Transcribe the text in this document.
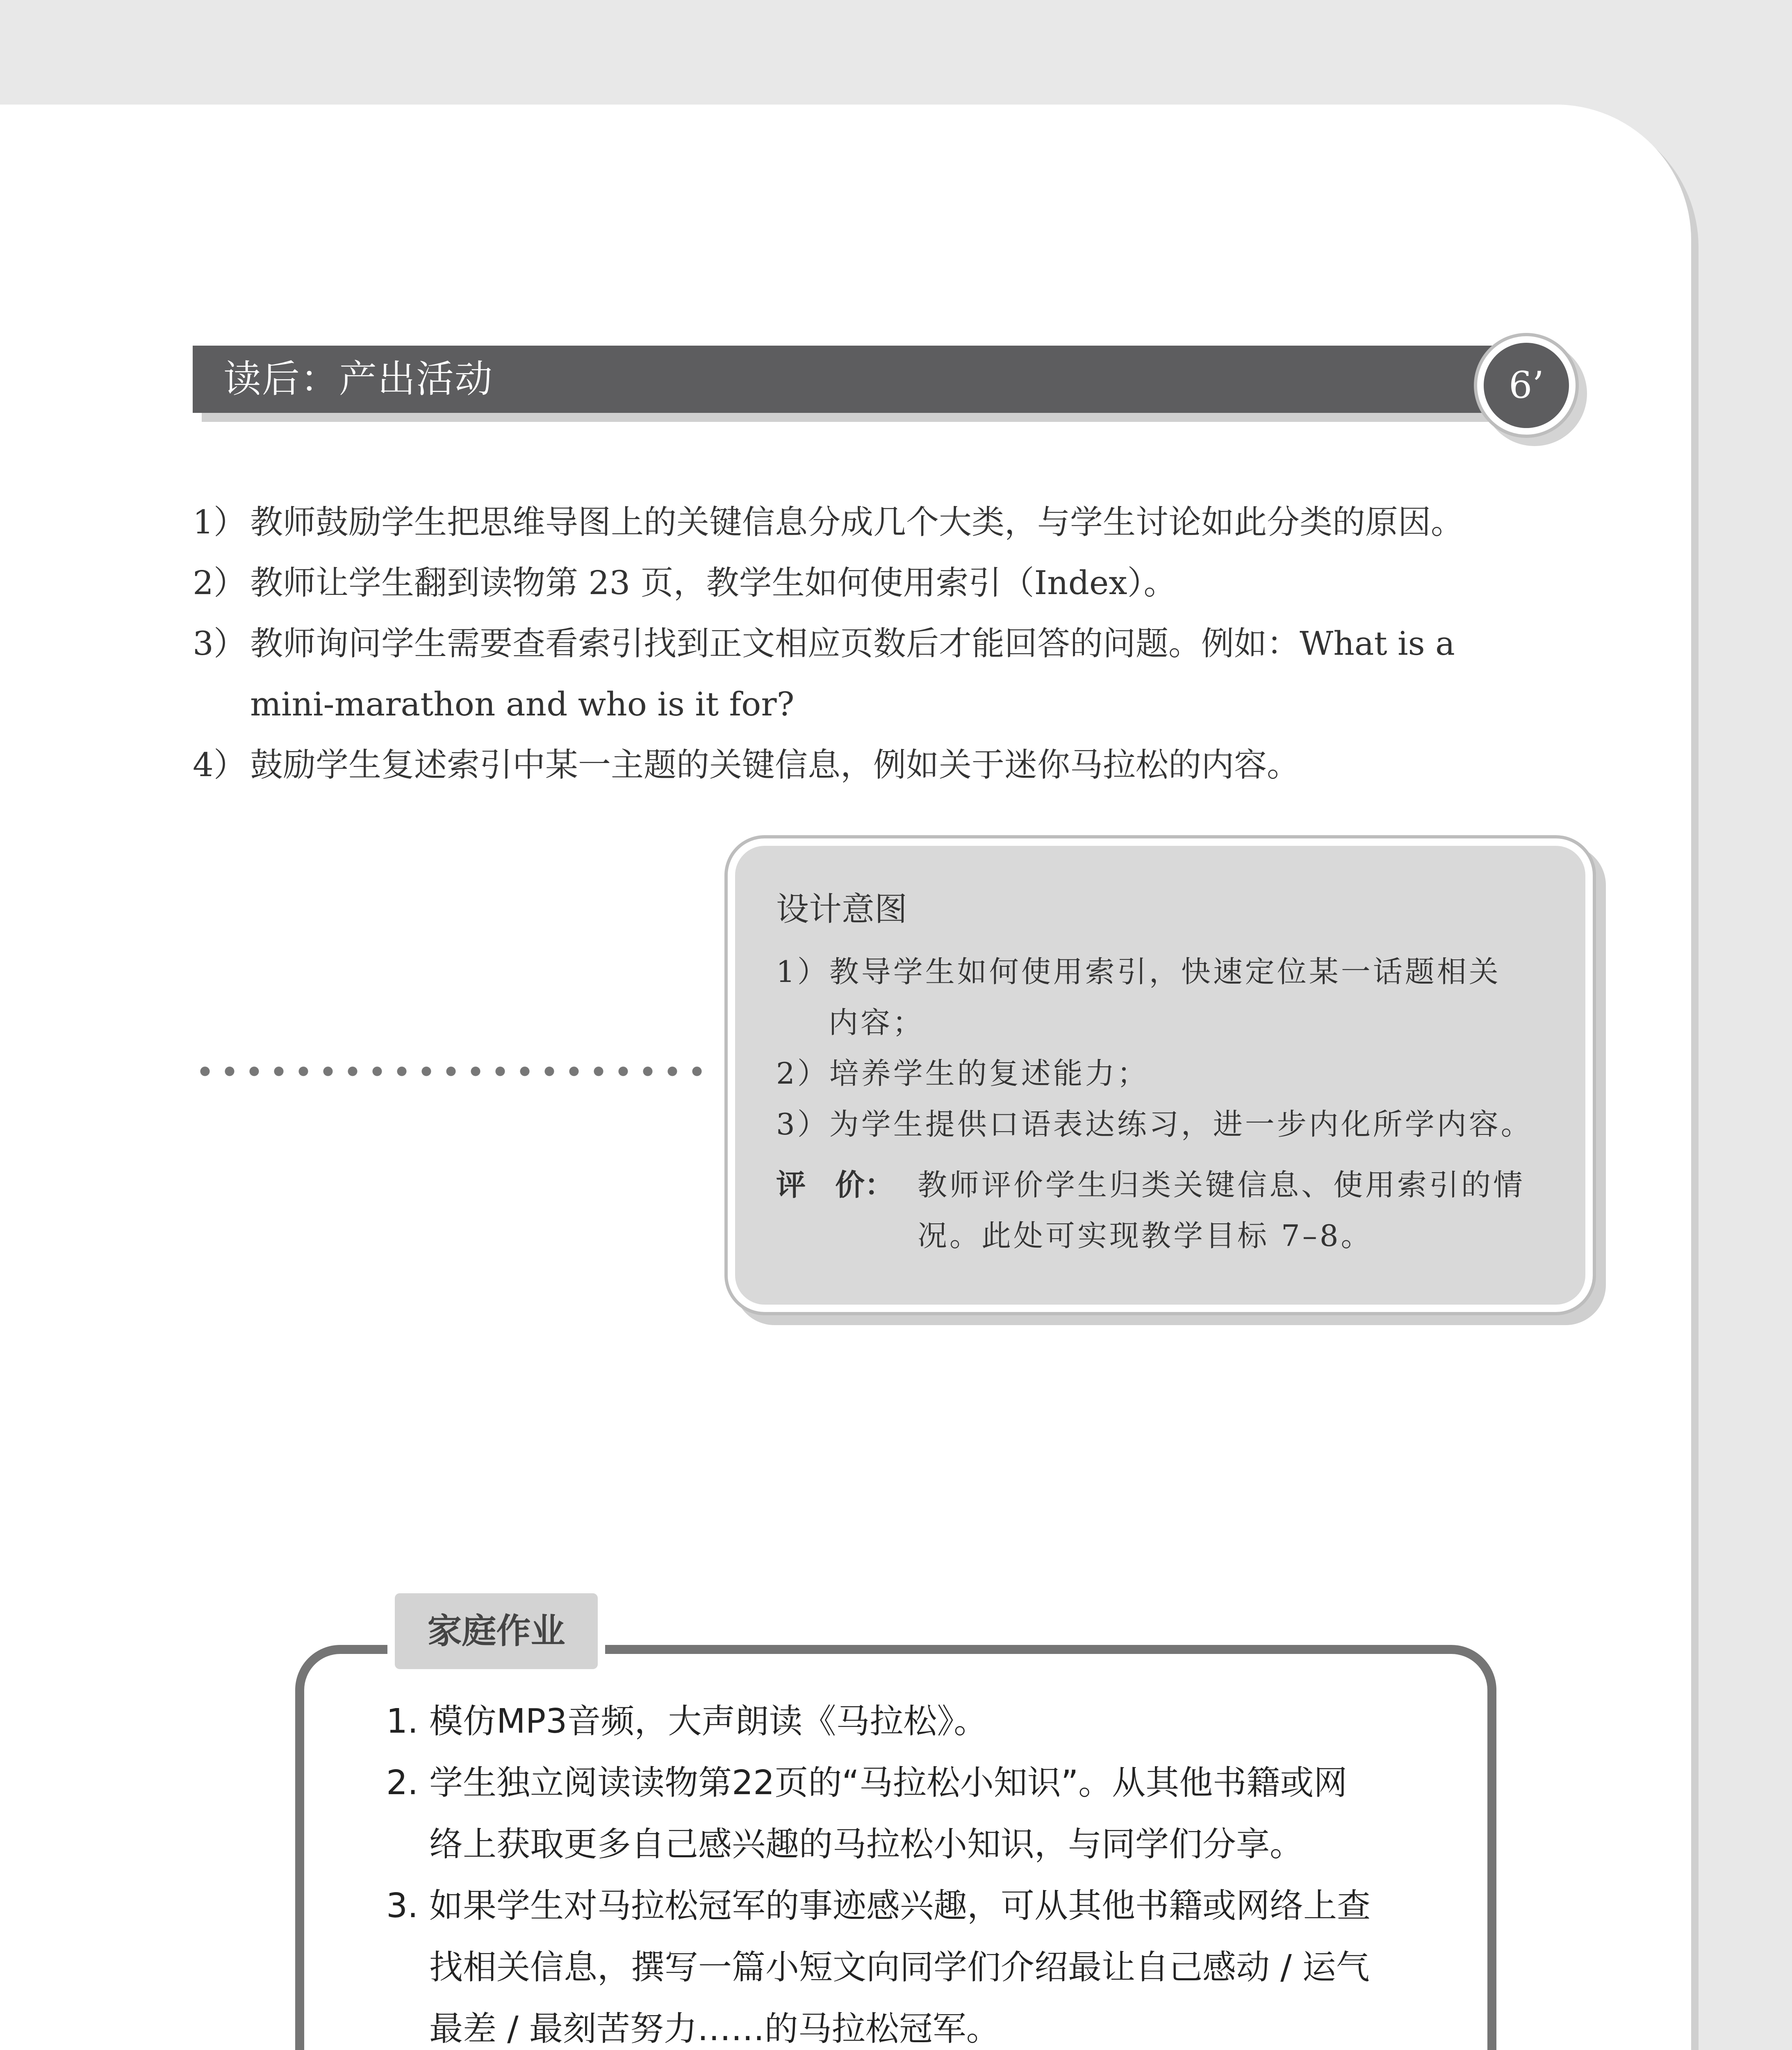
读后：产出活动	6’
1） 教师鼓励学生把思维导图上的关键信息分成几个大类，与学生讨论如此分类的原因。
2） 教师让学生翻到读物第 23 页，教学生如何使用索引（Index）。
3） 教师询问学生需要查看索引找到正文相应页数后才能回答的问题。例如：What is a
mini-marathon and who is it for?
4） 鼓励学生复述索引中某一主题的关键信息，例如关于迷你马拉松的内容。
设计意图
1）教导学生如何使用索引，快速定位某一话题相关
内容；
2）培养学生的复述能力；
3）为学生提供口语表达练习，进一步内化所学内容。
评　价： 教师评价学生归类关键信息、使用索引的情况。此处可实现教学目标 7–8。
1. 模仿MP3音频，大声朗读《马拉松》。
2. 学生独立阅读读物第22页的“马拉松小知识”。从其他书籍或网
络上获取更多自己感兴趣的马拉松小知识，与同学们分享。
3. 如果学生对马拉松冠军的事迹感兴趣，可从其他书籍或网络上查
找相关信息，撰写一篇小短文向同学们介绍最让自己感动 / 运气
最差 / 最刻苦努力……的马拉松冠军。
家庭作业
